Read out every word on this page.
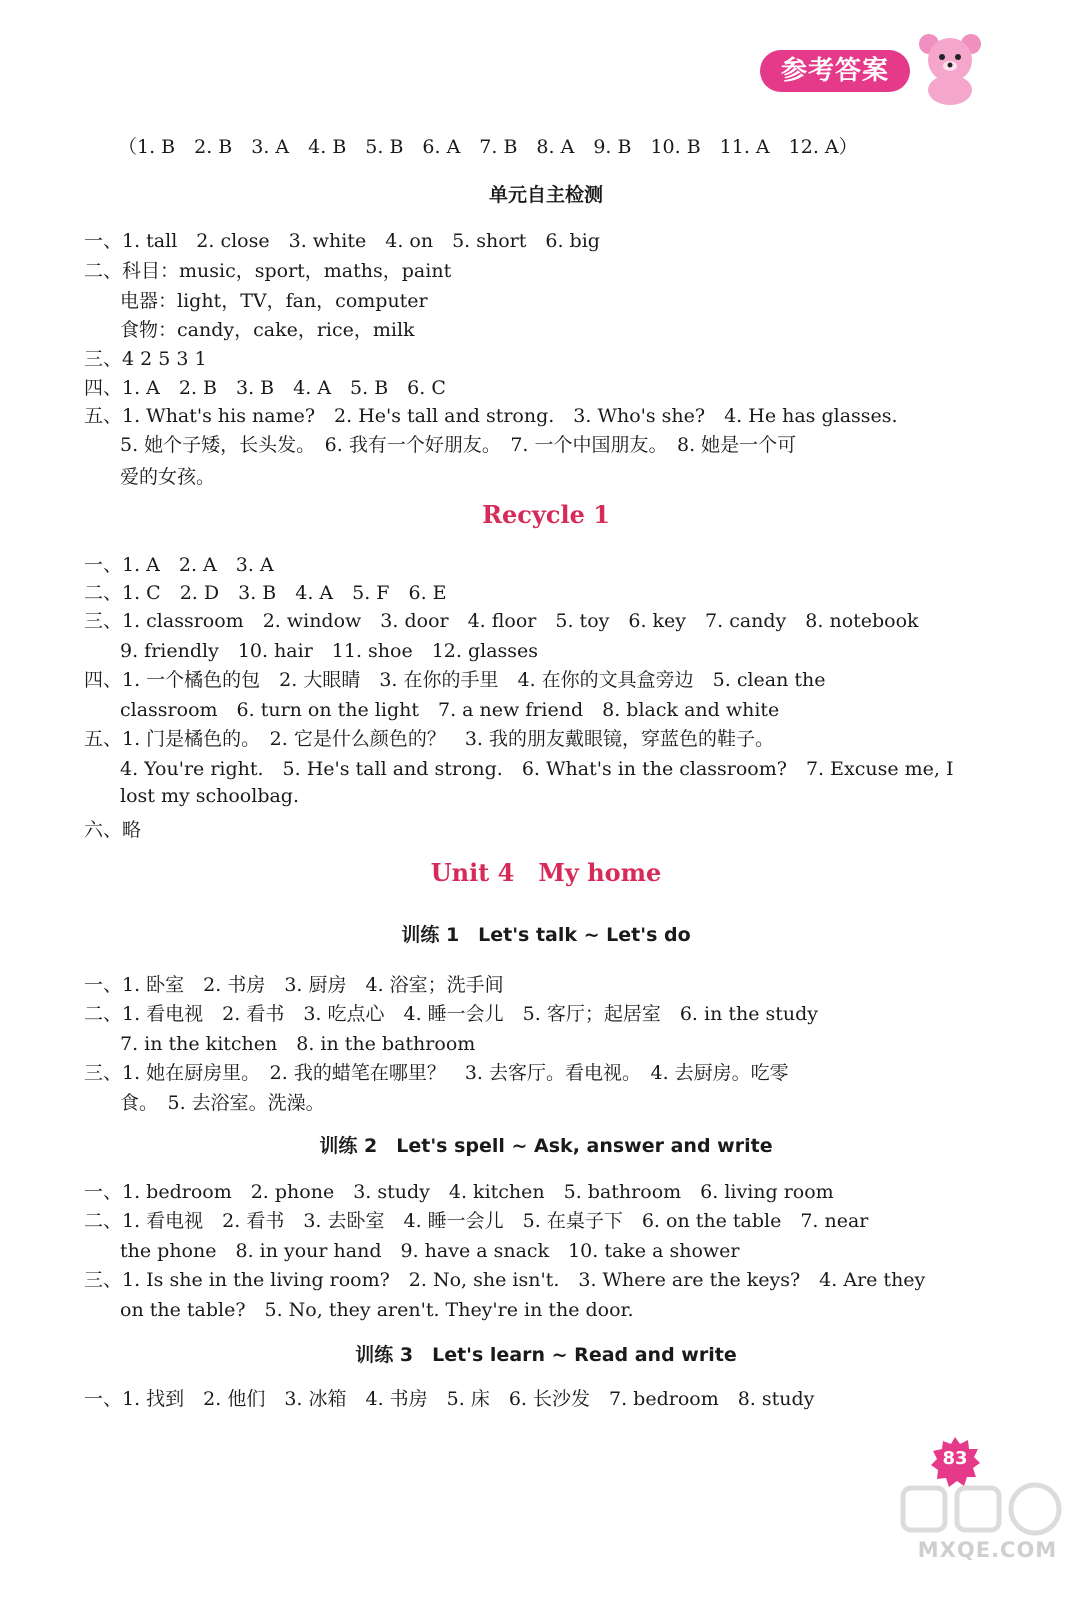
参考答案
（1. B　2. B　3. A　4. B　5. B　6. A　7. B　8. A　9. B　10. B　11. A　12. A）
单元自主检测
一、1. tall　2. close　3. white　4. on　5. short　6. big
二、科目：music，sport，maths，paint
电器：light，TV，fan，computer
食物：candy，cake，rice，milk
三、4 2 5 3 1
四、1. A　2. B　3. B　4. A　5. B　6. C
五、1. What's his name?　2. He's tall and strong.　3. Who's she?　4. He has glasses.
5. 她个子矮，长头发。　6. 我有一个好朋友。　7. 一个中国朋友。　8. 她是一个可
爱的女孩。
Recycle 1
一、1. A　2. A　3. A
二、1. C　2. D　3. B　4. A　5. F　6. E
三、1. classroom　2. window　3. door　4. floor　5. toy　6. key　7. candy　8. notebook
9. friendly　10. hair　11. shoe　12. glasses
四、1. 一个橘色的包　2. 大眼睛　3. 在你的手里　4. 在你的文具盒旁边　5. clean the
classroom　6. turn on the light　7. a new friend　8. black and white
五、1. 门是橘色的。　2. 它是什么颜色的？　3. 我的朋友戴眼镜，穿蓝色的鞋子。
4. You're right.　5. He's tall and strong.　6. What's in the classroom?　7. Excuse me, I
lost my schoolbag.
六、略
Unit 4　My home
训练 1　Let's talk ~ Let's do
一、1. 卧室　2. 书房　3. 厨房　4. 浴室；洗手间
二、1. 看电视　2. 看书　3. 吃点心　4. 睡一会儿　5. 客厅；起居室　6. in the study
7. in the kitchen　8. in the bathroom
三、1. 她在厨房里。　2. 我的蜡笔在哪里？　3. 去客厅。看电视。　4. 去厨房。吃零
食。　5. 去浴室。洗澡。
训练 2　Let's spell ~ Ask, answer and write
一、1. bedroom　2. phone　3. study　4. kitchen　5. bathroom　6. living room
二、1. 看电视　2. 看书　3. 去卧室　4. 睡一会儿　5. 在桌子下　6. on the table　7. near
the phone　8. in your hand　9. have a snack　10. take a shower
三、1. Is she in the living room?　2. No, she isn't.　3. Where are the keys?　4. Are they
on the table?　5. No, they aren't. They're in the door.
训练 3　Let's learn ~ Read and write
一、1. 找到　2. 他们　3. 冰箱　4. 书房　5. 床　6. 长沙发　7. bedroom　8. study
83
MXQE.COM
